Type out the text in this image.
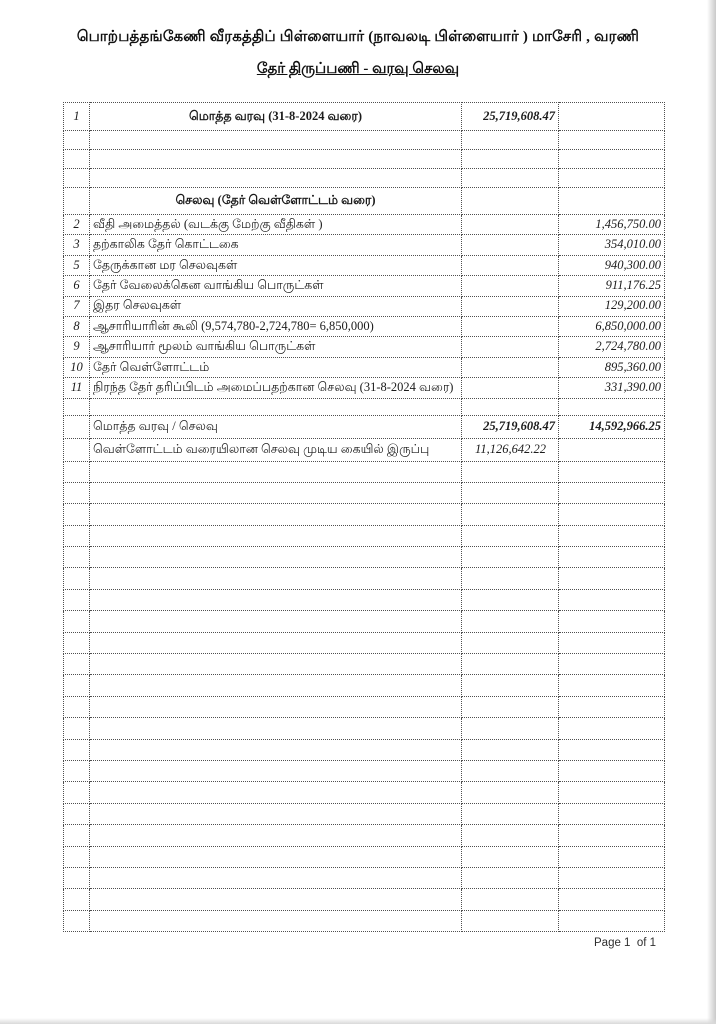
பொற்பத்தங்கேணி வீரகத்திப் பிள்ளையார் (நாவலடி பிள்ளையார் ) மாசேரி , வரணி
தேர் திருப்பணி - வரவு செலவு
1	மொத்த வரவு (31-8-2024 வரை)	25,719,608.47	

	செலவு (தேர் வெள்ளோட்டம் வரை)		
2	வீதி அமைத்தல் (வடக்கு மேற்கு வீதிகள் )		1,456,750.00
3	தற்காலிக தேர் கொட்டகை		354,010.00
5	தேருக்கான மர செலவுகள்		940,300.00
6	தேர் வேலைக்கென வாங்கிய பொருட்கள்		911,176.25
7	இதர செலவுகள்		129,200.00
8	ஆசாரியாரின் கூலி (9,574,780-2,724,780= 6,850,000)		6,850,000.00
9	ஆசாரியார் மூலம் வாங்கிய பொருட்கள்		2,724,780.00
10	தேர் வெள்ளோட்டம்		895,360.00
11	நிரந்த தேர் தரிப்பிடம் அமைப்பதற்கான செலவு (31-8-2024 வரை)		331,390.00

	மொத்த வரவு / செலவு	25,719,608.47	14,592,966.25
	வெள்ளோட்டம் வரையிலான செலவு முடிய கையில் இருப்பு	11,126,642.22	

Page 1  of 1
